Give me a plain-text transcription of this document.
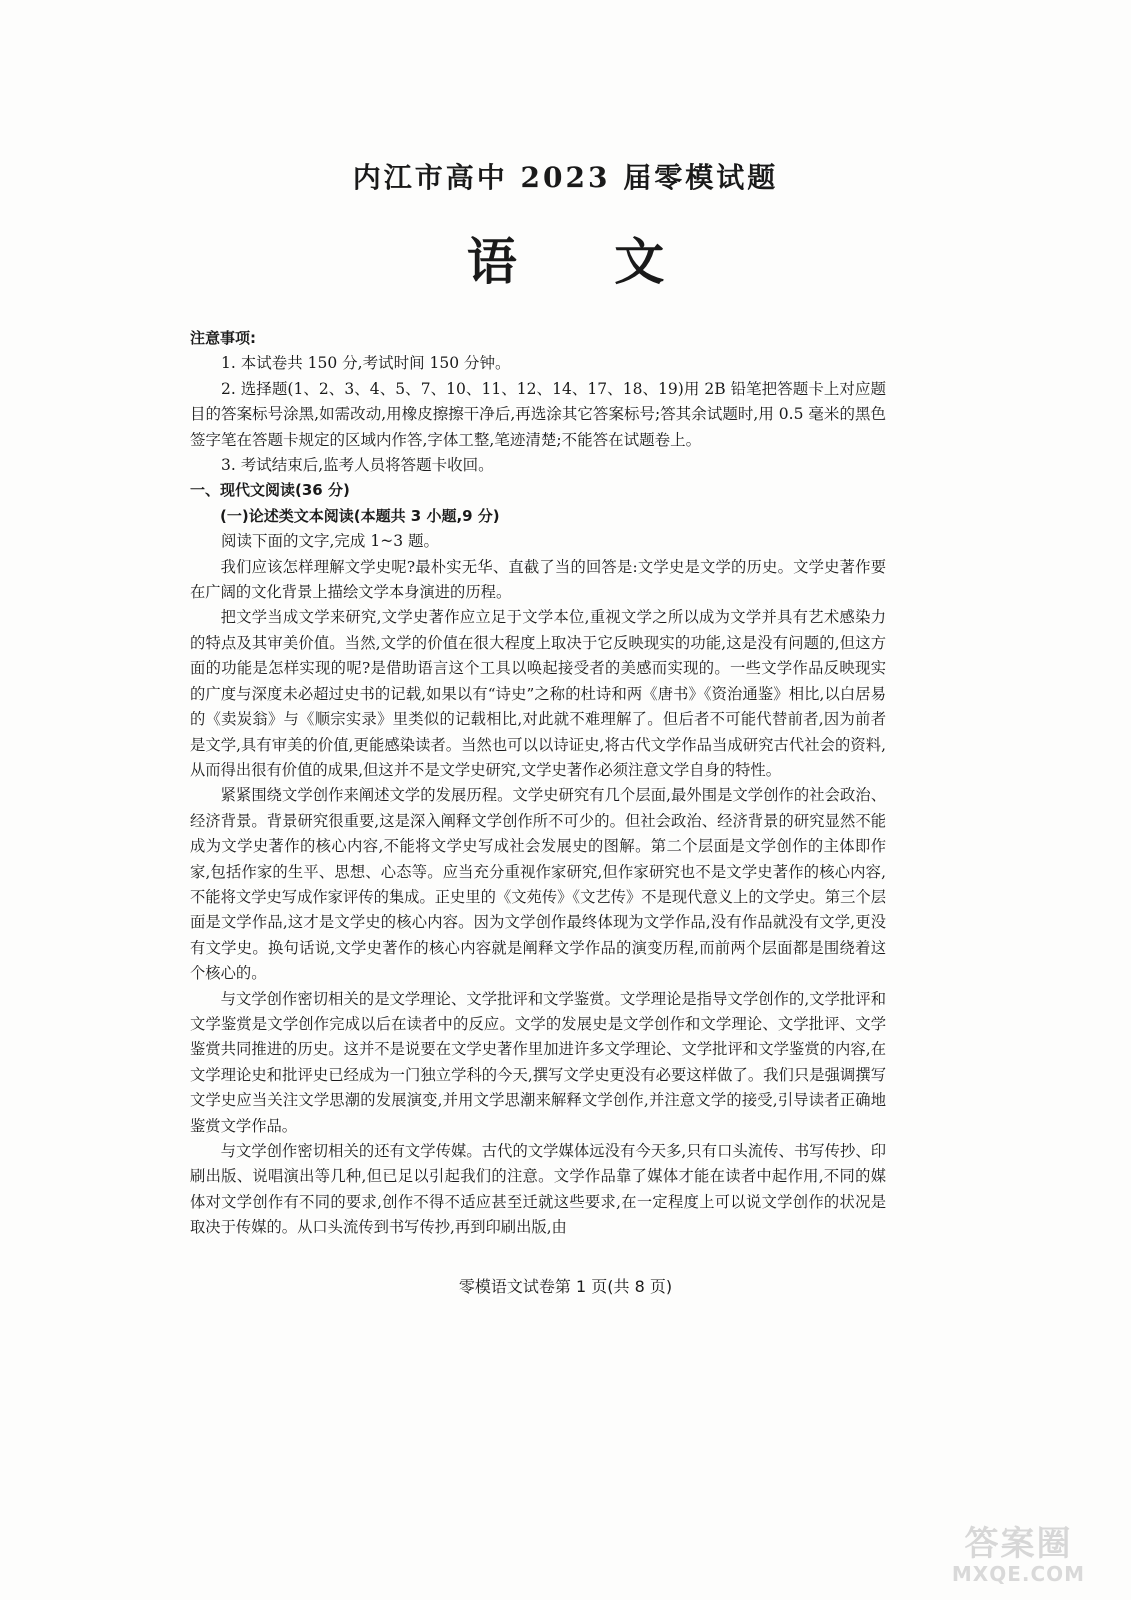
内江市高中 2023 届零模试题
语 文

注意事项:

1. 本试卷共 150 分,考试时间 150 分钟。

2. 选择题(1、2、3、4、5、7、10、11、12、14、17、18、19)用 2B 铅笔把答题卡上对应题目的答案标号涂黑,如需改动,用橡皮擦擦干净后,再选涂其它答案标号;答其余试题时,用 0.5 毫米的黑色签字笔在答题卡规定的区域内作答,字体工整,笔迹清楚;不能答在试题卷上。

3. 考试结束后,监考人员将答题卡收回。

一、现代文阅读(36 分)

(一)论述类文本阅读(本题共 3 小题,9 分)

阅读下面的文字,完成 1~3 题。

我们应该怎样理解文学史呢?最朴实无华、直截了当的回答是:文学史是文学的历史。文学史著作要在广阔的文化背景上描绘文学本身演进的历程。

把文学当成文学来研究,文学史著作应立足于文学本位,重视文学之所以成为文学并具有艺术感染力的特点及其审美价值。当然,文学的价值在很大程度上取决于它反映现实的功能,这是没有问题的,但这方面的功能是怎样实现的呢?是借助语言这个工具以唤起接受者的美感而实现的。一些文学作品反映现实的广度与深度未必超过史书的记载,如果以有“诗史”之称的杜诗和两《唐书》《资治通鉴》相比,以白居易的《卖炭翁》与《顺宗实录》里类似的记载相比,对此就不难理解了。但后者不可能代替前者,因为前者是文学,具有审美的价值,更能感染读者。当然也可以以诗证史,将古代文学作品当成研究古代社会的资料,从而得出很有价值的成果,但这并不是文学史研究,文学史著作必须注意文学自身的特性。

紧紧围绕文学创作来阐述文学的发展历程。文学史研究有几个层面,最外围是文学创作的社会政治、经济背景。背景研究很重要,这是深入阐释文学创作所不可少的。但社会政治、经济背景的研究显然不能成为文学史著作的核心内容,不能将文学史写成社会发展史的图解。第二个层面是文学创作的主体即作家,包括作家的生平、思想、心态等。应当充分重视作家研究,但作家研究也不是文学史著作的核心内容,不能将文学史写成作家评传的集成。正史里的《文苑传》《文艺传》不是现代意义上的文学史。第三个层面是文学作品,这才是文学史的核心内容。因为文学创作最终体现为文学作品,没有作品就没有文学,更没有文学史。换句话说,文学史著作的核心内容就是阐释文学作品的演变历程,而前两个层面都是围绕着这个核心的。

与文学创作密切相关的是文学理论、文学批评和文学鉴赏。文学理论是指导文学创作的,文学批评和文学鉴赏是文学创作完成以后在读者中的反应。文学的发展史是文学创作和文学理论、文学批评、文学鉴赏共同推进的历史。这并不是说要在文学史著作里加进许多文学理论、文学批评和文学鉴赏的内容,在文学理论史和批评史已经成为一门独立学科的今天,撰写文学史更没有必要这样做了。我们只是强调撰写文学史应当关注文学思潮的发展演变,并用文学思潮来解释文学创作,并注意文学的接受,引导读者正确地鉴赏文学作品。

与文学创作密切相关的还有文学传媒。古代的文学媒体远没有今天多,只有口头流传、书写传抄、印刷出版、说唱演出等几种,但已足以引起我们的注意。文学作品靠了媒体才能在读者中起作用,不同的媒体对文学创作有不同的要求,创作不得不适应甚至迁就这些要求,在一定程度上可以说文学创作的状况是取决于传媒的。从口头流传到书写传抄,再到印刷出版,由

零模语文试卷第 1 页(共 8 页)
答案圈
MXQE.COM
